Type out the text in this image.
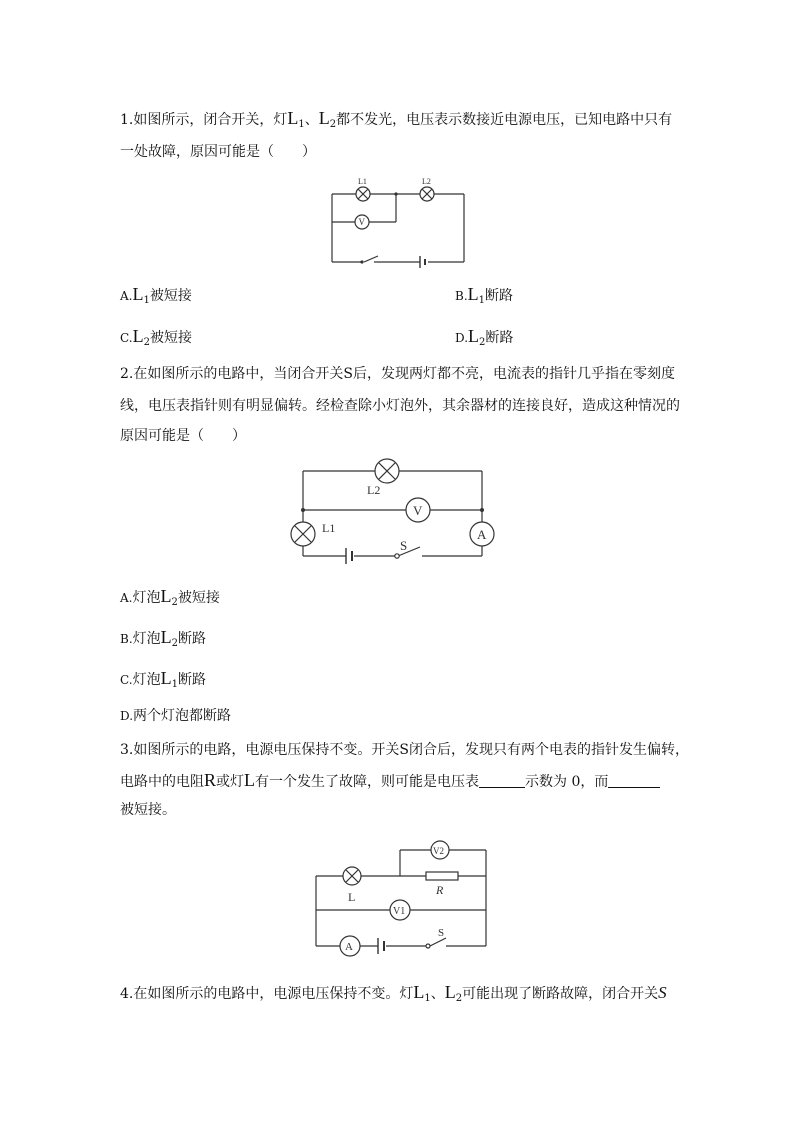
1.如图所示，闭合开关，灯$L_1$、$L_2$都不发光，电压表示数接近电源电压，已知电路中只有
一处故障，原因可能是（　　）
L1	L2
V
$A.L_1$被短接	$B.L_1$断路
$C.L_2$被短接	$D.L_2$断路
2.在如图所示的电路中，当闭合开关S后，发现两灯都不亮，电流表的指针几乎指在零刻度
线，电压表指针则有明显偏转。经检查除小灯泡外，其余器材的连接良好，造成这种情况的
原因可能是（　　）
L2
L1
V
A
S
A.灯泡$L_2$被短接
B.灯泡$L_2$断路
C.灯泡$L_1$断路
D.两个灯泡都断路
3.如图所示的电路，电源电压保持不变。开关S闭合后，发现只有两个电表的指针发生偏转，
电路中的电阻R或灯L有一个发生了故障，则可能是电压表	示数为 0，而
被短接。
L	R
V2
V1
A
S
4.在如图所示的电路中，电源电压保持不变。灯$L_1$、$L_2$可能出现了断路故障，闭合开关S
